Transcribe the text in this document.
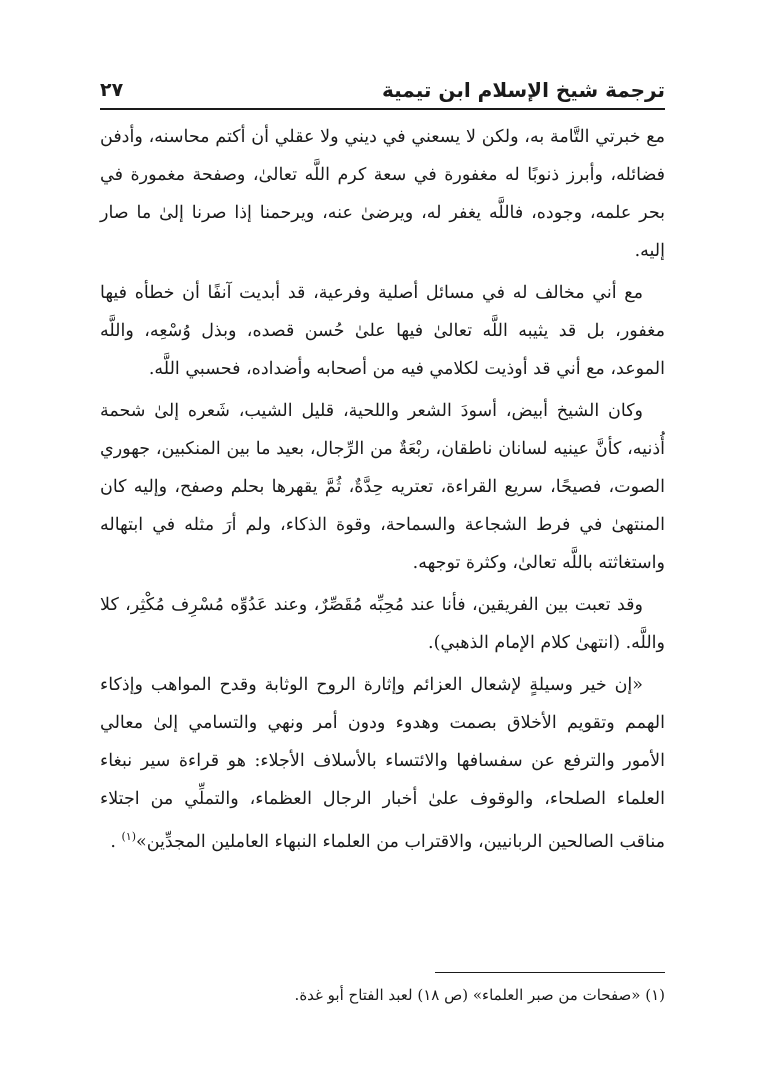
ترجمة شيخ الإسلام ابن تيمية
٢٧

مع خبرتي التَّامة به، ولكن لا يسعني في ديني ولا عقلي أن أكتم محاسنه، وأدفن فضائله، وأبرز ذنوبًا له مغفورة في سعة كرم اللَّه تعالىٰ، وصفحة مغمورة في بحر علمه، وجوده، فاللَّه يغفر له، ويرضىٰ عنه، ويرحمنا إذا صرنا إلىٰ ما صار إليه.

مع أني مخالف له في مسائل أصلية وفرعية، قد أبديت آنفًا أن خطأه فيها مغفور، بل قد يثيبه اللَّه تعالىٰ فيها علىٰ حُسن قصده، وبذل وُسْعِه، واللَّه الموعد، مع أني قد أوذيت لكلامي فيه من أصحابه وأضداده، فحسبي اللَّه.

وكان الشيخ أبيض، أسودَ الشعر واللحية، قليل الشيب، شَعره إلىٰ شحمة أُذنيه، كأنَّ عينيه لسانان ناطقان، ربْعَةٌ من الرِّجال، بعيد ما بين المنكبين، جهوري الصوت، فصيحًا، سريع القراءة، تعتريه حِدَّةٌ، ثُمَّ يقهرها بحلم وصفح، وإليه كان المنتهىٰ في فرط الشجاعة والسماحة، وقوة الذكاء، ولم أرَ مثله في ابتهاله واستغاثته باللَّه تعالىٰ، وكثرة توجهه.

وقد تعبت بين الفريقين، فأنا عند مُحِبِّه مُقَصِّرٌ، وعند عَدُوِّه مُسْرِف مُكْثِر، كلا واللَّه. (انتهىٰ كلام الإمام الذهبي).

«إن خير وسيلةٍ لإشعال العزائم وإثارة الروح الوثابة وقدح المواهب وإذكاء الهمم وتقويم الأخلاق بصمت وهدوء ودون أمر ونهي والتسامي إلىٰ معالي الأمور والترفع عن سفسافها والائتساء بالأسلاف الأجلاء: هو قراءة سير نبغاء العلماء الصلحاء، والوقوف علىٰ أخبار الرجال العظماء، والتملِّي من اجتلاء مناقب الصالحين الربانيين، والاقتراب من العلماء النبهاء العاملين المجدِّين»$^{(١)}$ .

(١) «صفحات من صبر العلماء» (ص ١٨) لعبد الفتاح أبو غدة.
